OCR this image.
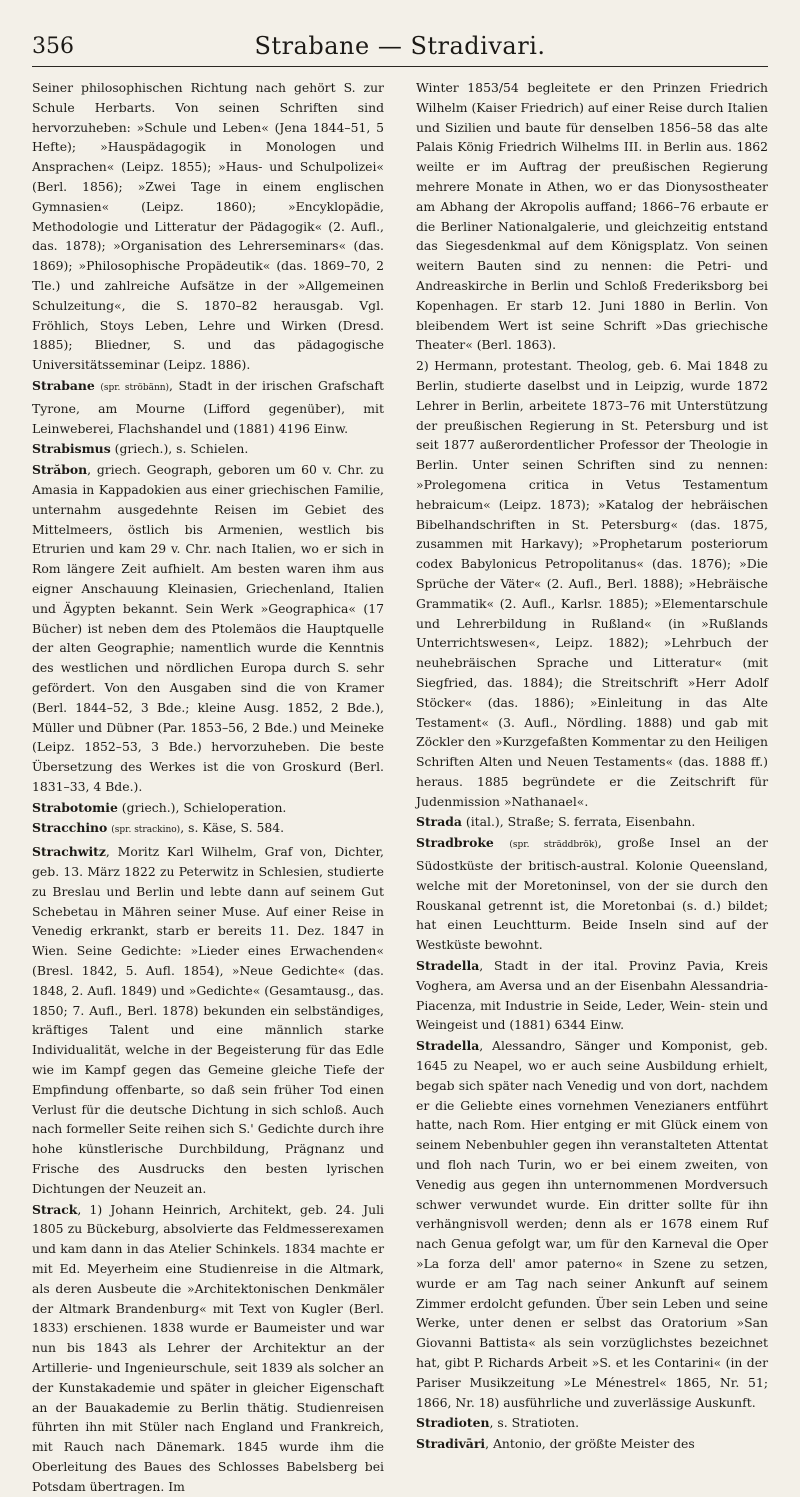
356	Strabane — Stradivari.

Seiner philosophischen Richtung nach gehört S. zur Schule Herbarts. Von seinen Schriften sind hervorzuheben: »Schule und Leben« (Jena 1844–51, 5 Hefte); »Hauspädagogik in Monologen und Ansprachen« (Leipz. 1855); »Haus- und Schulpolizei« (Berl. 1856); »Zwei Tage in einem englischen Gymnasien« (Leipz. 1860); »Encyklopädie, Methodologie und Litteratur der Pädagogik« (2. Aufl., das. 1878); »Organisation des Lehrerseminars« (das. 1869); »Philosophische Propädeutik« (das. 1869–70, 2 Tle.) und zahlreiche Aufsätze in der »Allgemeinen Schulzeitung«, die S. 1870–82 herausgab. Vgl. Fröhlich, Stoys Leben, Lehre und Wirken (Dresd. 1885); Bliedner, S. und das pädagogische Universitätsseminar (Leipz. 1886).

Strabane (spr. ströbänn), Stadt in der irischen Grafschaft Tyrone, am Mourne (Lifford gegenüber), mit Leinweberei, Flachshandel und (1881) 4196 Einw.

Strabismus (griech.), s. Schielen.

Străbon, griech. Geograph, geboren um 60 v. Chr. zu Amasia in Kappadokien aus einer griechischen Familie, unternahm ausgedehnte Reisen im Gebiet des Mittelmeers, östlich bis Armenien, westlich bis Etrurien und kam 29 v. Chr. nach Italien, wo er sich in Rom längere Zeit aufhielt. Am besten waren ihm aus eigner Anschauung Kleinasien, Griechenland, Italien und Ägypten bekannt. Sein Werk »Geographica« (17 Bücher) ist neben dem des Ptolemäos die Hauptquelle der alten Geographie; namentlich wurde die Kenntnis des westlichen und nördlichen Europa durch S. sehr gefördert. Von den Ausgaben sind die von Kramer (Berl. 1844–52, 3 Bde.; kleine Ausg. 1852, 2 Bde.), Müller und Dübner (Par. 1853–56, 2 Bde.) und Meineke (Leipz. 1852–53, 3 Bde.) hervorzuheben. Die beste Übersetzung des Werkes ist die von Groskurd (Berl. 1831–33, 4 Bde.).

Strabotomie (griech.), Schieloperation.

Stracchino (spr. strackino), s. Käse, S. 584.

Strachwitz, Moritz Karl Wilhelm, Graf von, Dichter, geb. 13. März 1822 zu Peterwitz in Schlesien, studierte zu Breslau und Berlin und lebte dann auf seinem Gut Schebetau in Mähren seiner Muse. Auf einer Reise in Venedig erkrankt, starb er bereits 11. Dez. 1847 in Wien. Seine Gedichte: »Lieder eines Erwachenden« (Bresl. 1842, 5. Aufl. 1854), »Neue Gedichte« (das. 1848, 2. Aufl. 1849) und »Gedichte« (Gesamtausg., das. 1850; 7. Aufl., Berl. 1878) bekunden ein selbständiges, kräftiges Talent und eine männlich starke Individualität, welche in der Begeisterung für das Edle wie im Kampf gegen das Gemeine gleiche Tiefe der Empfindung offenbarte, so daß sein früher Tod einen Verlust für die deutsche Dichtung in sich schloß. Auch nach formeller Seite reihen sich S.' Gedichte durch ihre hohe künstlerische Durchbildung, Prägnanz und Frische des Ausdrucks den besten lyrischen Dichtungen der Neuzeit an.

Strack, 1) Johann Heinrich, Architekt, geb. 24. Juli 1805 zu Bückeburg, absolvierte das Feldmesserexamen und kam dann in das Atelier Schinkels. 1834 machte er mit Ed. Meyerheim eine Studienreise in die Altmark, als deren Ausbeute die »Architektonischen Denkmäler der Altmark Brandenburg« mit Text von Kugler (Berl. 1833) erschienen. 1838 wurde er Baumeister und war nun bis 1843 als Lehrer der Architektur an der Artillerie- und Ingenieurschule, seit 1839 als solcher an der Kunstakademie und später in gleicher Eigenschaft an der Bauakademie zu Berlin thätig. Studienreisen führten ihn mit Stüler nach England und Frankreich, mit Rauch nach Dänemark. 1845 wurde ihm die Oberleitung des Baues des Schlosses Babelsberg bei Potsdam übertragen. Im

Winter 1853/54 begleitete er den Prinzen Friedrich Wilhelm (Kaiser Friedrich) auf einer Reise durch Italien und Sizilien und baute für denselben 1856–58 das alte Palais König Friedrich Wilhelms III. in Berlin aus. 1862 weilte er im Auftrag der preußischen Regierung mehrere Monate in Athen, wo er das Dionysostheater am Abhang der Akropolis auffand; 1866–76 erbaute er die Berliner Nationalgalerie, und gleichzeitig entstand das Siegesdenkmal auf dem Königsplatz. Von seinen weitern Bauten sind zu nennen: die Petri- und Andreaskirche in Berlin und Schloß Frederiksborg bei Kopenhagen. Er starb 12. Juni 1880 in Berlin. Von bleibendem Wert ist seine Schrift »Das griechische Theater« (Berl. 1863).

2) Hermann, protestant. Theolog, geb. 6. Mai 1848 zu Berlin, studierte daselbst und in Leipzig, wurde 1872 Lehrer in Berlin, arbeitete 1873–76 mit Unterstützung der preußischen Regierung in St. Petersburg und ist seit 1877 außerordentlicher Professor der Theologie in Berlin. Unter seinen Schriften sind zu nennen: »Prolegomena critica in Vetus Testamentum hebraicum« (Leipz. 1873); »Katalog der hebräischen Bibelhandschriften in St. Petersburg« (das. 1875, zusammen mit Harkavy); »Prophetarum posteriorum codex Babylonicus Petropolitanus« (das. 1876); »Die Sprüche der Väter« (2. Aufl., Berl. 1888); »Hebräische Grammatik« (2. Aufl., Karlsr. 1885); »Elementarschule und Lehrerbildung in Rußland« (in »Rußlands Unterrichtswesen«, Leipz. 1882); »Lehrbuch der neuhebräischen Sprache und Litteratur« (mit Siegfried, das. 1884); die Streitschrift »Herr Adolf Stöcker« (das. 1886); »Einleitung in das Alte Testament« (3. Aufl., Nördling. 1888) und gab mit Zöckler den »Kurzgefaßten Kommentar zu den Heiligen Schriften Alten und Neuen Testaments« (das. 1888 ff.) heraus. 1885 begründete er die Zeitschrift für Judenmission »Nathanael«.

Strada (ital.), Straße; S. ferrata, Eisenbahn.

Stradbroke (spr. sträddbrök), große Insel an der Südostküste der britisch-austral. Kolonie Queensland, welche mit der Moretoninsel, von der sie durch den Rouskanal getrennt ist, die Moretonbai (s. d.) bildet; hat einen Leuchtturm. Beide Inseln sind auf der Westküste bewohnt.

Stradella, Stadt in der ital. Provinz Pavia, Kreis Voghera, am Aversa und an der Eisenbahn Alessandria-Piacenza, mit Industrie in Seide, Leder, Wein- stein und Weingeist und (1881) 6344 Einw.

Stradella, Alessandro, Sänger und Komponist, geb. 1645 zu Neapel, wo er auch seine Ausbildung erhielt, begab sich später nach Venedig und von dort, nachdem er die Geliebte eines vornehmen Venezianers entführt hatte, nach Rom. Hier entging er mit Glück einem von seinem Nebenbuhler gegen ihn veranstalteten Attentat und floh nach Turin, wo er bei einem zweiten, von Venedig aus gegen ihn unternommenen Mordversuch schwer verwundet wurde. Ein dritter sollte für ihn verhängnisvoll werden; denn als er 1678 einem Ruf nach Genua gefolgt war, um für den Karneval die Oper »La forza dell' amor paterno« in Szene zu setzen, wurde er am Tag nach seiner Ankunft auf seinem Zimmer erdolcht gefunden. Über sein Leben und seine Werke, unter denen er selbst das Oratorium »San Giovanni Battista« als sein vorzüglichstes bezeichnet hat, gibt P. Richards Arbeit »S. et les Contarini« (in der Pariser Musikzeitung »Le Ménestrel« 1865, Nr. 51; 1866, Nr. 18) ausführliche und zuverlässige Auskunft.

Stradioten, s. Stratioten.

Stradivāri, Antonio, der größte Meister des
